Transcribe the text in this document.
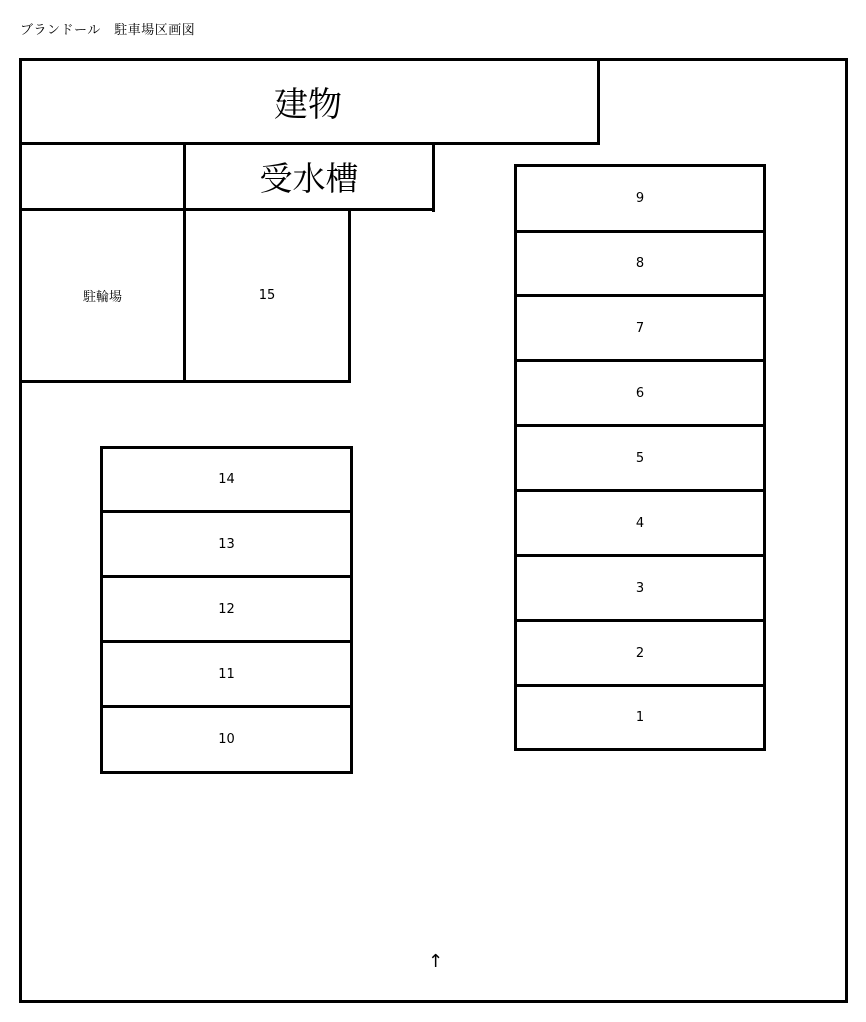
ブランドール　駐車場区画図
建物
受水槽
駐輪場	15
9
8
7
6
5
4
3
2
1
14
13
12
11
10
↑
